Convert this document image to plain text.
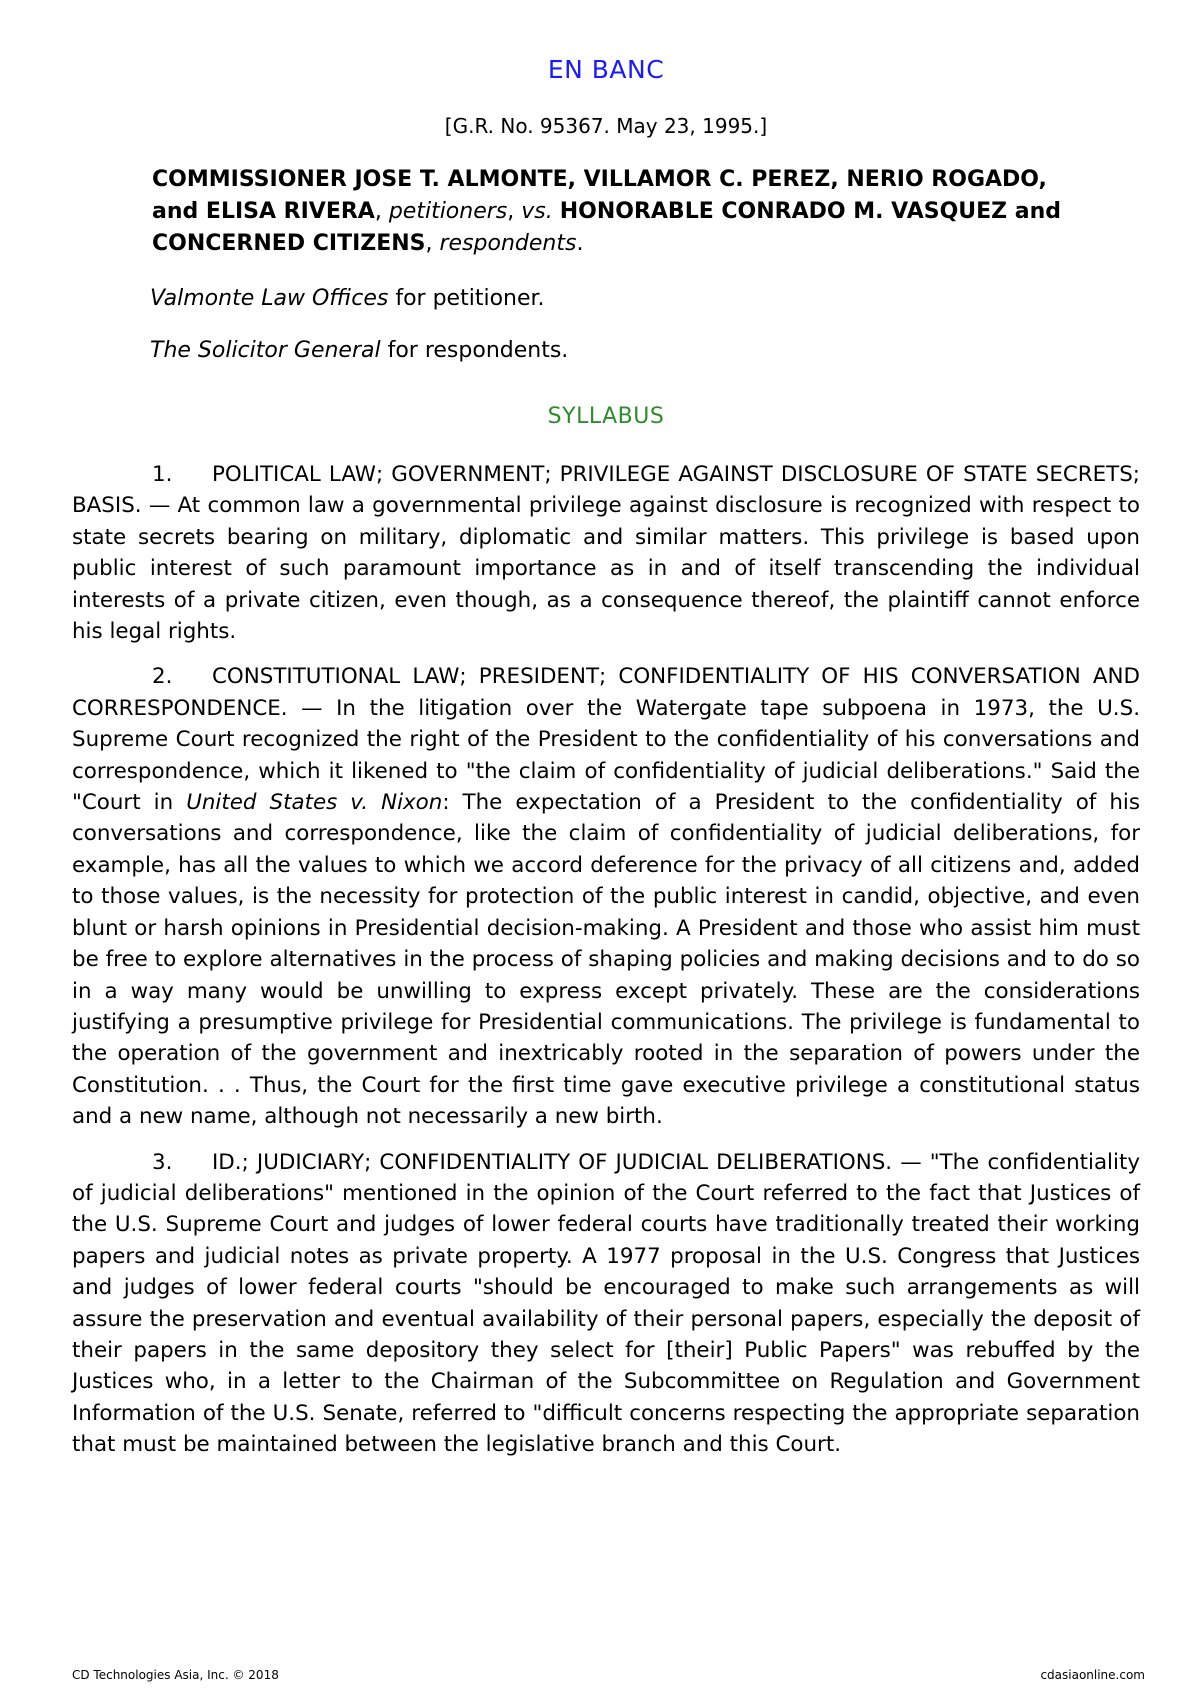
EN BANC
[G.R. No. 95367. May 23, 1995.]
COMMISSIONER JOSE T. ALMONTE, VILLAMOR C. PEREZ, NERIO ROGADO, and ELISA RIVERA, petitioners, vs. HONORABLE CONRADO M. VASQUEZ and CONCERNED CITIZENS, respondents.
Valmonte Law Offices for petitioner.
The Solicitor General for respondents.
SYLLABUS

1. POLITICAL LAW; GOVERNMENT; PRIVILEGE AGAINST DISCLOSURE OF STATE SECRETS; BASIS. — At common law a governmental privilege against disclosure is recognized with respect to state secrets bearing on military, diplomatic and similar matters. This privilege is based upon public interest of such paramount importance as in and of itself transcending the individual interests of a private citizen, even though, as a consequence thereof, the plaintiff cannot enforce his legal rights.

2. CONSTITUTIONAL LAW; PRESIDENT; CONFIDENTIALITY OF HIS CONVERSATION AND CORRESPONDENCE. — In the litigation over the Watergate tape subpoena in 1973, the U.S. Supreme Court recognized the right of the President to the confidentiality of his conversations and correspondence, which it likened to "the claim of confidentiality of judicial deliberations." Said the "Court in United States v. Nixon: The expectation of a President to the confidentiality of his conversations and correspondence, like the claim of confidentiality of judicial deliberations, for example, has all the values to which we accord deference for the privacy of all citizens and, added to those values, is the necessity for protection of the public interest in candid, objective, and even blunt or harsh opinions in Presidential decision-making. A President and those who assist him must be free to explore alternatives in the process of shaping policies and making decisions and to do so in a way many would be unwilling to express except privately. These are the considerations justifying a presumptive privilege for Presidential communications. The privilege is fundamental to the operation of the government and inextricably rooted in the separation of powers under the Constitution. . . Thus, the Court for the first time gave executive privilege a constitutional status and a new name, although not necessarily a new birth.

3. ID.; JUDICIARY; CONFIDENTIALITY OF JUDICIAL DELIBERATIONS. — "The confidentiality of judicial deliberations" mentioned in the opinion of the Court referred to the fact that Justices of the U.S. Supreme Court and judges of lower federal courts have traditionally treated their working papers and judicial notes as private property. A 1977 proposal in the U.S. Congress that Justices and judges of lower federal courts "should be encouraged to make such arrangements as will assure the preservation and eventual availability of their personal papers, especially the deposit of their papers in the same depository they select for [their] Public Papers" was rebuffed by the Justices who, in a letter to the Chairman of the Subcommittee on Regulation and Government Information of the U.S. Senate, referred to "difficult concerns respecting the appropriate separation that must be maintained between the legislative branch and this Court.

CD Technologies Asia, Inc. © 2018	cdasiaonline.com
